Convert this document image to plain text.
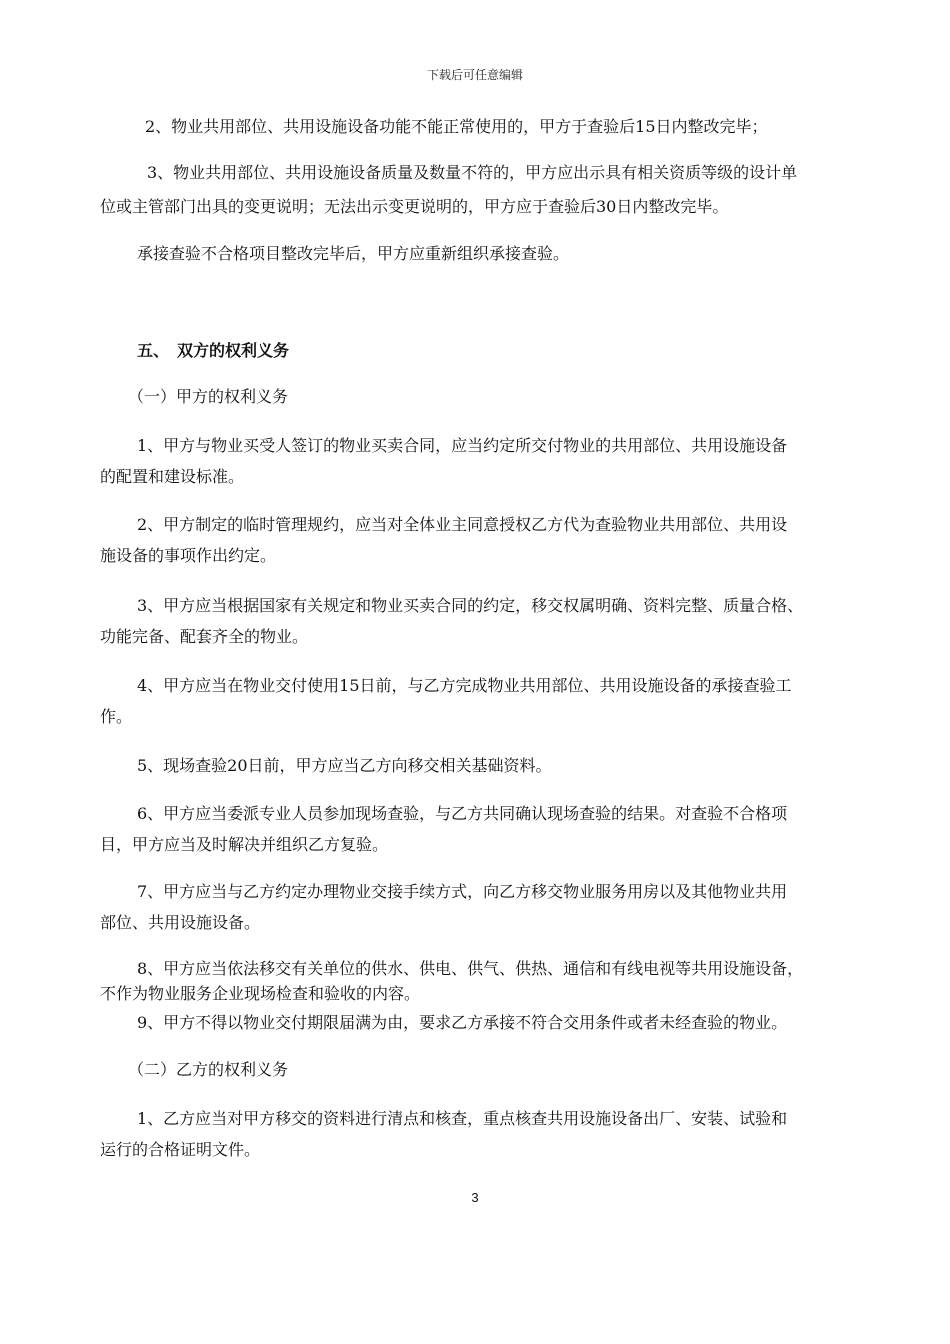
下载后可任意编辑
2、物业共用部位、共用设施设备功能不能正常使用的，甲方于查验后15日内整改完毕；
3、物业共用部位、共用设施设备质量及数量不符的，甲方应出示具有相关资质等级的设计单
位或主管部门出具的变更说明；无法出示变更说明的，甲方应于查验后30日内整改完毕。
承接查验不合格项目整改完毕后，甲方应重新组织承接查验。
五、　双方的权利义务
（一）甲方的权利义务
1、甲方与物业买受人签订的物业买卖合同，应当约定所交付物业的共用部位、共用设施设备
的配置和建设标准。
2、甲方制定的临时管理规约，应当对全体业主同意授权乙方代为查验物业共用部位、共用设
施设备的事项作出约定。
3、甲方应当根据国家有关规定和物业买卖合同的约定，移交权属明确、资料完整、质量合格、
功能完备、配套齐全的物业。
4、甲方应当在物业交付使用15日前，与乙方完成物业共用部位、共用设施设备的承接查验工
作。
5、现场查验20日前，甲方应当乙方向移交相关基础资料。
6、甲方应当委派专业人员参加现场查验，与乙方共同确认现场查验的结果。对查验不合格项
目，甲方应当及时解决并组织乙方复验。
7、甲方应当与乙方约定办理物业交接手续方式，向乙方移交物业服务用房以及其他物业共用
部位、共用设施设备。
8、甲方应当依法移交有关单位的供水、供电、供气、供热、通信和有线电视等共用设施设备，
不作为物业服务企业现场检查和验收的内容。
9、甲方不得以物业交付期限届满为由，要求乙方承接不符合交用条件或者未经查验的物业。
（二）乙方的权利义务
1、乙方应当对甲方移交的资料进行清点和核查，重点核查共用设施设备出厂、安装、试验和
运行的合格证明文件。
3
